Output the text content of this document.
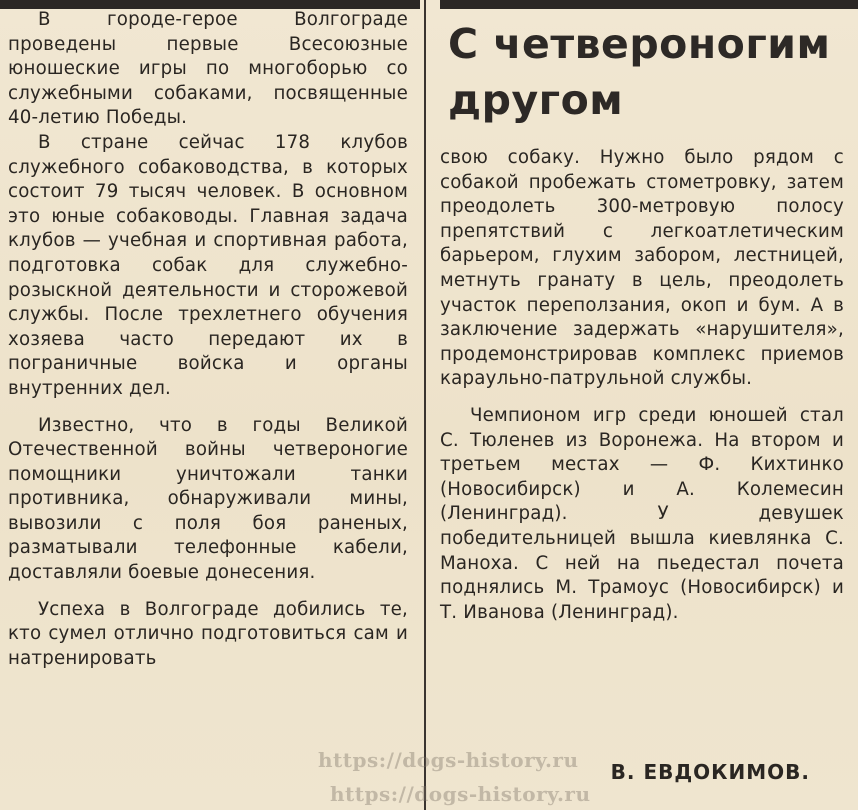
В городе-герое Волгограде проведены первые Всесоюзные юношеские игры по многоборью со служебными собаками, посвященные 40-летию Победы.

В стране сейчас 178 клубов служебного собаководства, в которых состоит 79 тысяч человек. В основном это юные собаководы. Главная задача клубов — учебная и спортивная работа, подготовка собак для служебно-розыскной деятельности и сторожевой службы. После трехлетнего обучения хозяева часто передают их в пограничные войска и органы внутренних дел.

Известно, что в годы Великой Отечественной войны четвероногие помощники уничтожали танки противника, обнаруживали мины, вывозили с поля боя раненых, разматывали телефонные кабели, доставляли боевые донесения.

Успеха в Волгограде добились те, кто сумел отлично подготовиться сам и натренировать

С четвероногим
другом

свою собаку. Нужно было рядом с собакой пробежать стометровку, затем преодолеть 300-метровую полосу препятствий с легкоатлетическим барьером, глухим забором, лестницей, метнуть гранату в цель, преодолеть участок переползания, окоп и бум. А в заключение задержать «нарушителя», продемонстрировав комплекс приемов караульно-патрульной службы.

Чемпионом игр среди юношей стал С. Тюленев из Воронежа. На втором и третьем местах — Ф. Кихтинко (Новосибирск) и А. Колемесин (Ленинград). У девушек победительницей вышла киевлянка С. Маноха. С ней на пьедестал почета поднялись М. Трамоус (Новосибирск) и Т. Иванова (Ленинград).

В. ЕВДОКИМОВ.
https://dogs-history.ru
https://dogs-history.ru
